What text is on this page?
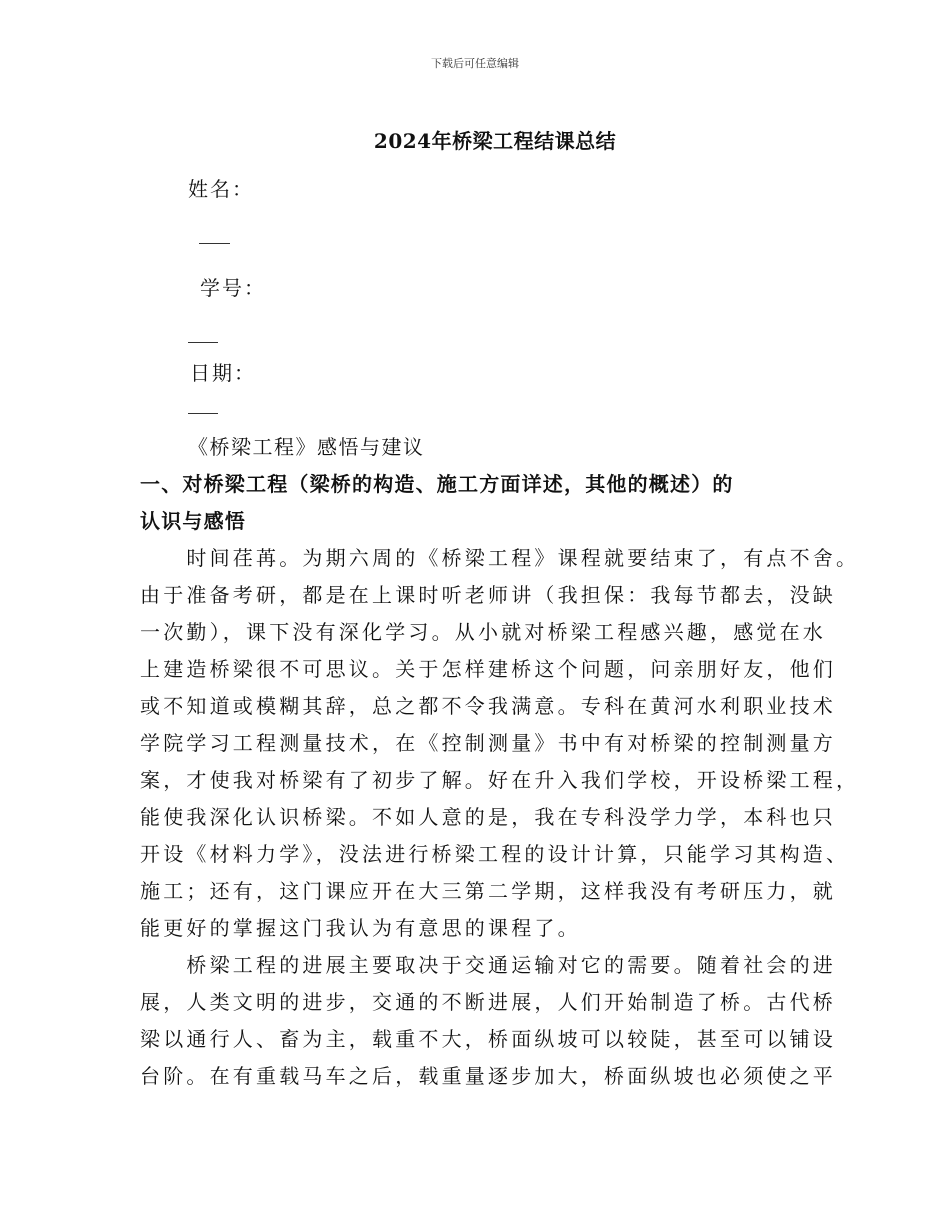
下载后可任意编辑
2024年桥梁工程结课总结
姓名：
学号：
日期：
《桥梁工程》感悟与建议
一、对桥梁工程（梁桥的构造、施工方面详述，其他的概述）的
认识与感悟
　　时间荏苒。为期六周的《桥梁工程》课程就要结束了，有点不舍。
由于准备考研，都是在上课时听老师讲（我担保：我每节都去，没缺
一次勤），课下没有深化学习。从小就对桥梁工程感兴趣，感觉在水
上建造桥梁很不可思议。关于怎样建桥这个问题，问亲朋好友，他们
或不知道或模糊其辞，总之都不令我满意。专科在黄河水利职业技术
学院学习工程测量技术，在《控制测量》书中有对桥梁的控制测量方
案，才使我对桥梁有了初步了解。好在升入我们学校，开设桥梁工程，
能使我深化认识桥梁。不如人意的是，我在专科没学力学，本科也只
开设《材料力学》，没法进行桥梁工程的设计计算，只能学习其构造、
施工；还有，这门课应开在大三第二学期，这样我没有考研压力，就
能更好的掌握这门我认为有意思的课程了。
　　桥梁工程的进展主要取决于交通运输对它的需要。随着社会的进
展，人类文明的进步，交通的不断进展，人们开始制造了桥。古代桥
梁以通行人、畜为主，载重不大，桥面纵坡可以较陡，甚至可以铺设
台阶。在有重载马车之后，载重量逐步加大，桥面纵坡也必须使之平
